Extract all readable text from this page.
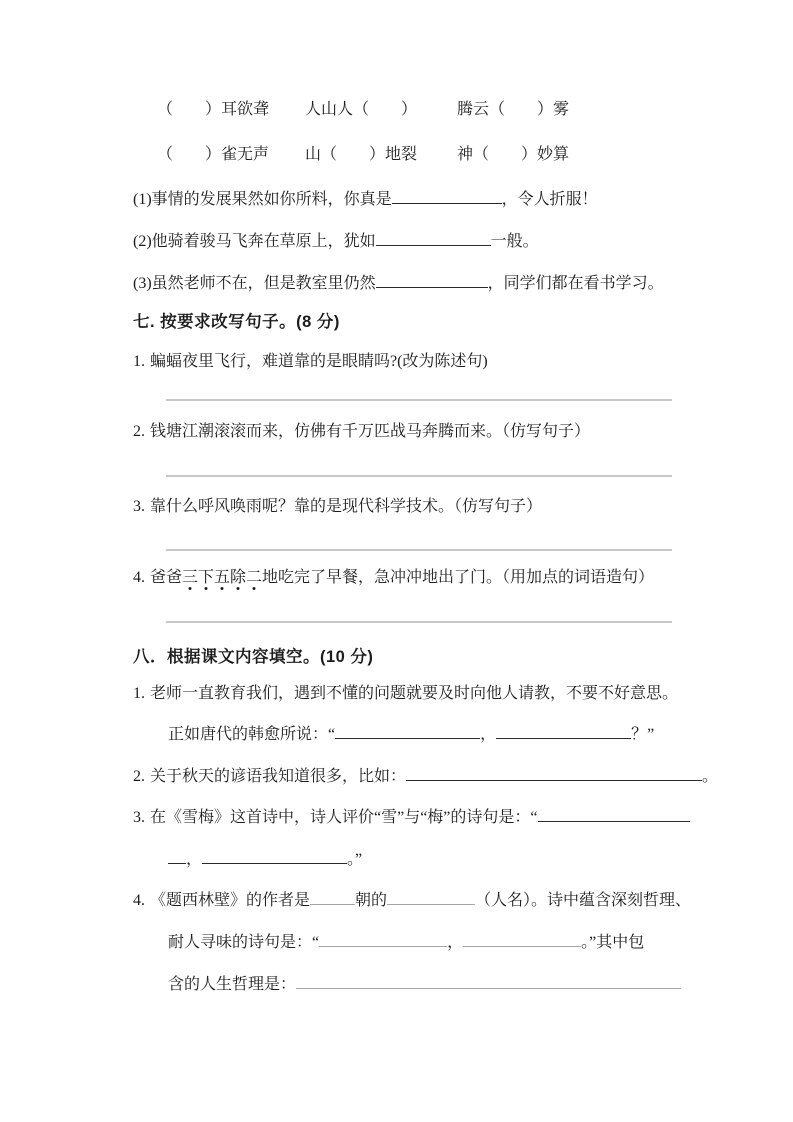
（　　）耳欲聋	人山人（　　）	腾云（　　）雾
（　　）雀无声	山（　　）地裂	神（　　）妙算
(1)事情的发展果然如你所料，你真是	，令人折服！
(2)他骑着骏马飞奔在草原上，犹如	一般。
(3)虽然老师不在，但是教室里仍然	，同学们都在看书学习。
七. 按要求改写句子。(8 分)
1. 蝙蝠夜里飞行，难道靠的是眼睛吗?(改为陈述句)
2. 钱塘江潮滚滚而来，仿佛有千万匹战马奔腾而来。（仿写句子）
3. 靠什么呼风唤雨呢？靠的是现代科学技术。（仿写句子）
4. 爸爸三下五除二地吃完了早餐，急冲冲地出了门。（用加点的词语造句）
八．根据课文内容填空。(10 分)
1. 老师一直教育我们，遇到不懂的问题就要及时向他人请教，不要不好意思。
正如唐代的韩愈所说：“	，	？”
2. 关于秋天的谚语我知道很多，比如：	。
3. 在《雪梅》这首诗中，诗人评价“雪”与“梅”的诗句是：“
，	。”
4. 《题西林壁》的作者是	朝的	（人名）。诗中蕴含深刻哲理、
耐人寻味的诗句是：“	，	。”其中包
含的人生哲理是：
